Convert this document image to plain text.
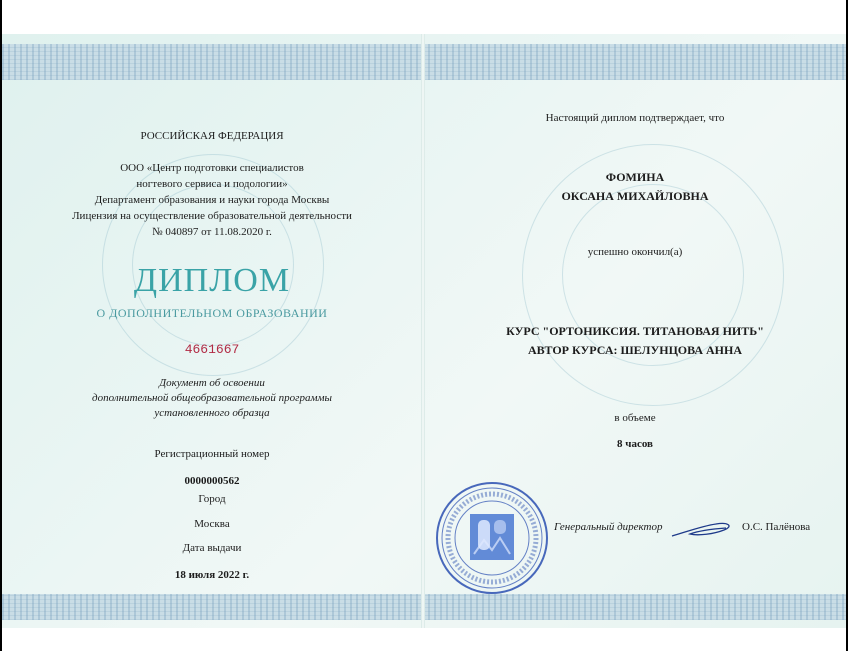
РОССИЙСКАЯ ФЕДЕРАЦИЯ
ООО «Центр подготовки специалистов
ногтевого сервиса и подологии»
Департамент образования и науки города Москвы
Лицензия на осуществление образовательной деятельности
№ 040897 от 11.08.2020 г.
ДИПЛОМ
О ДОПОЛНИТЕЛЬНОМ ОБРАЗОВАНИИ
4661667
Документ об освоении
дополнительной общеобразовательной программы
установленного образца
Регистрационный номер
0000000562
Город
Москва
Дата выдачи
18 июля 2022 г.
Настоящий диплом подтверждает, что
ФОМИНА
ОКСАНА МИХАЙЛОВНА
успешно окончил(а)
КУРС "ОРТОНИКСИЯ. ТИТАНОВАЯ НИТЬ"
АВТОР КУРСА: ШЕЛУНЦОВА АННА
в объеме
8 часов
Генеральный директор	О.С. Палёнова
